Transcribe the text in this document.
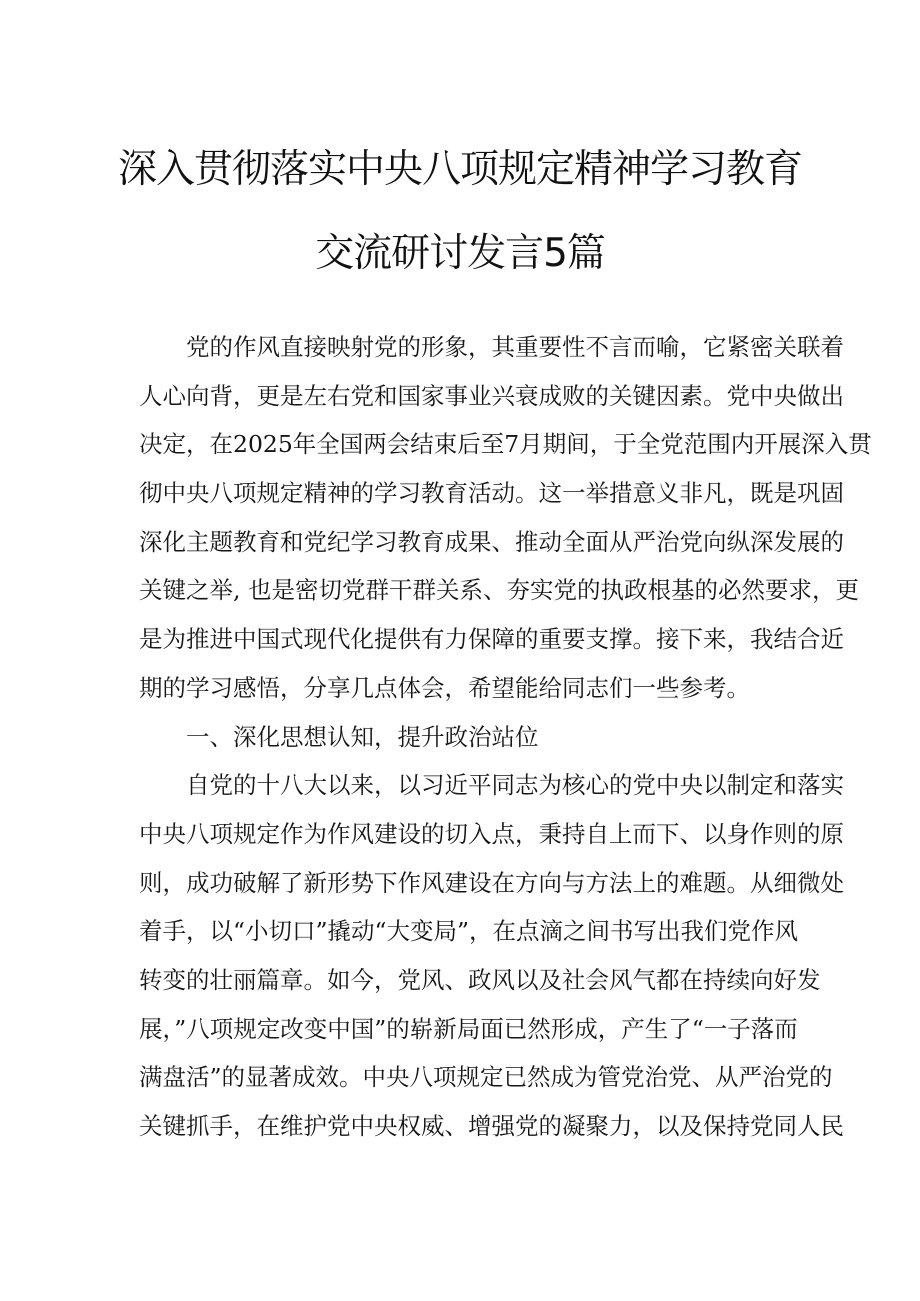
深入贯彻落实中央八项规定精神学习教育
交流研讨发言5篇
党的作风直接映射党的形象，其重要性不言而喻，它紧密关联着
人心向背，更是左右党和国家事业兴衰成败的关键因素。党中央做出
决定，在2025年全国两会结束后至7月期间，于全党范围内开展深入贯
彻中央八项规定精神的学习教育活动。这一举措意义非凡，既是巩固
深化主题教育和党纪学习教育成果、推动全面从严治党向纵深发展的
关键之举, 也是密切党群干群关系、夯实党的执政根基的必然要求，更
是为推进中国式现代化提供有力保障的重要支撑。接下来，我结合近
期的学习感悟，分享几点体会，希望能给同志们一些参考。
一、深化思想认知，提升政治站位
自党的十八大以来，以习近平同志为核心的党中央以制定和落实
中央八项规定作为作风建设的切入点，秉持自上而下、以身作则的原
则，成功破解了新形势下作风建设在方向与方法上的难题。从细微处
着手，以“小切口”撬动“大变局”，在点滴之间书写出我们党作风
转变的壮丽篇章。如今，党风、政风以及社会风气都在持续向好发
展，”八项规定改变中国”的崭新局面已然形成，产生了“一子落而
满盘活”的显著成效。中央八项规定已然成为管党治党、从严治党的
关键抓手，在维护党中央权威、增强党的凝聚力，以及保持党同人民
